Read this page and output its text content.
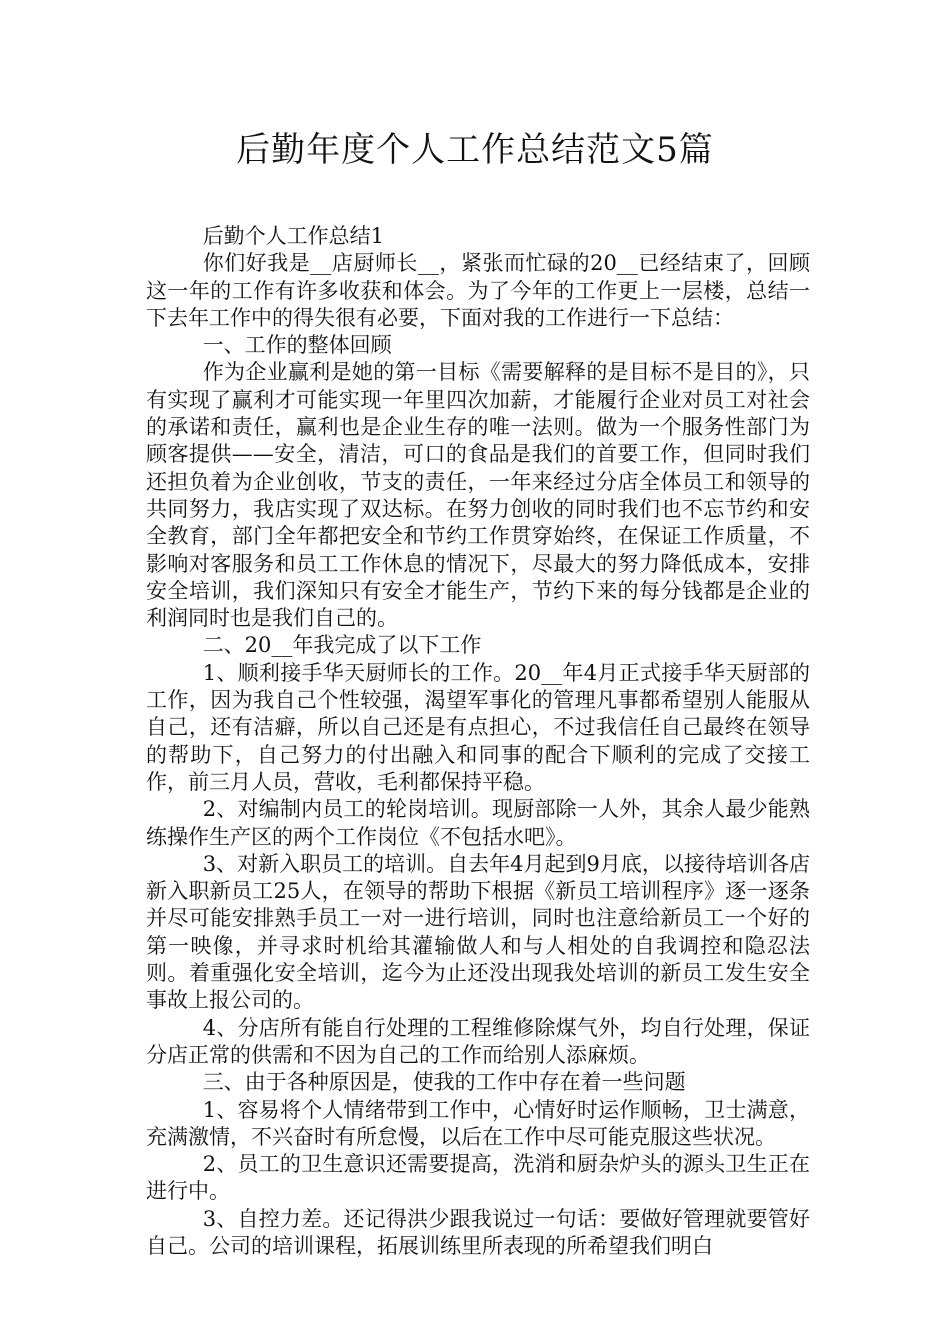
后勤年度个人工作总结范文5篇

后勤个人工作总结1

你们好我是__店厨师长__，紧张而忙碌的20__已经结束了，回顾这一年的工作有许多收获和体会。为了今年的工作更上一层楼，总结一下去年工作中的得失很有必要，下面对我的工作进行一下总结：

一、工作的整体回顾

作为企业赢利是她的第一目标《需要解释的是目标不是目的》，只有实现了赢利才可能实现一年里四次加薪，才能履行企业对员工对社会的承诺和责任，赢利也是企业生存的唯一法则。做为一个服务性部门为顾客提供——安全，清洁，可口的食品是我们的首要工作，但同时我们还担负着为企业创收，节支的责任，一年来经过分店全体员工和领导的共同努力，我店实现了双达标。在努力创收的同时我们也不忘节约和安全教育，部门全年都把安全和节约工作贯穿始终，在保证工作质量，不影响对客服务和员工工作休息的情况下，尽最大的努力降低成本，安排安全培训，我们深知只有安全才能生产，节约下来的每分钱都是企业的利润同时也是我们自己的。

二、20__年我完成了以下工作

1、顺利接手华天厨师长的工作。20__年4月正式接手华天厨部的工作，因为我自己个性较强，渴望军事化的管理凡事都希望别人能服从自己，还有洁癖，所以自己还是有点担心，不过我信任自己最终在领导的帮助下，自己努力的付出融入和同事的配合下顺利的完成了交接工作，前三月人员，营收，毛利都保持平稳。

2、对编制内员工的轮岗培训。现厨部除一人外，其余人最少能熟练操作生产区的两个工作岗位《不包括水吧》。

3、对新入职员工的培训。自去年4月起到9月底，以接待培训各店新入职新员工25人，在领导的帮助下根据《新员工培训程序》逐一逐条并尽可能安排熟手员工一对一进行培训，同时也注意给新员工一个好的第一映像，并寻求时机给其灌输做人和与人相处的自我调控和隐忍法则。着重强化安全培训，迄今为止还没出现我处培训的新员工发生安全事故上报公司的。

4、分店所有能自行处理的工程维修除煤气外，均自行处理，保证分店正常的供需和不因为自己的工作而给别人添麻烦。

三、由于各种原因是，使我的工作中存在着一些问题

1、容易将个人情绪带到工作中，心情好时运作顺畅，卫士满意，充满激情，不兴奋时有所怠慢，以后在工作中尽可能克服这些状况。

2、员工的卫生意识还需要提高，洗消和厨杂炉头的源头卫生正在进行中。

3、自控力差。还记得洪少跟我说过一句话：要做好管理就要管好自己。公司的培训课程，拓展训练里所表现的所希望我们明白
